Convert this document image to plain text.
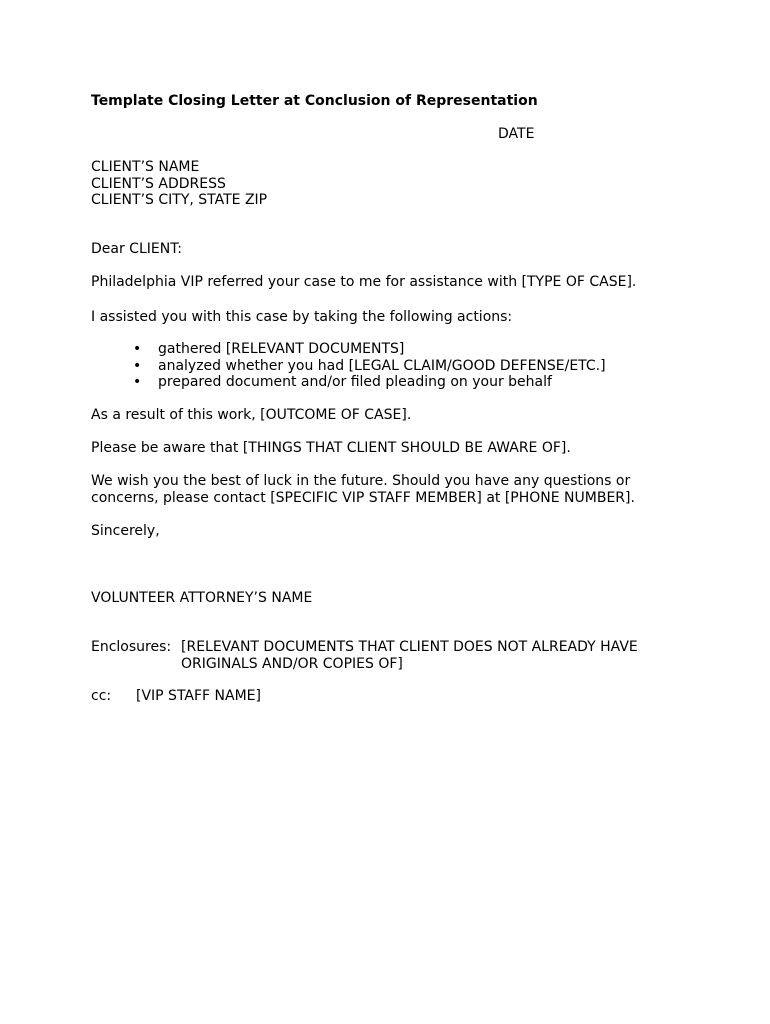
Template Closing Letter at Conclusion of Representation
DATE
CLIENT’S NAME
CLIENT’S ADDRESS
CLIENT’S CITY, STATE ZIP
Dear CLIENT:
Philadelphia VIP referred your case to me for assistance with [TYPE OF CASE].
I assisted you with this case by taking the following actions:
• gathered [RELEVANT DOCUMENTS]
• analyzed whether you had [LEGAL CLAIM/GOOD DEFENSE/ETC.]
• prepared document and/or filed pleading on your behalf
As a result of this work, [OUTCOME OF CASE].
Please be aware that [THINGS THAT CLIENT SHOULD BE AWARE OF].
We wish you the best of luck in the future. Should you have any questions or
concerns, please contact [SPECIFIC VIP STAFF MEMBER] at [PHONE NUMBER].
Sincerely,
VOLUNTEER ATTORNEY’S NAME
Enclosures: [RELEVANT DOCUMENTS THAT CLIENT DOES NOT ALREADY HAVE
ORIGINALS AND/OR COPIES OF]
cc: [VIP STAFF NAME]
